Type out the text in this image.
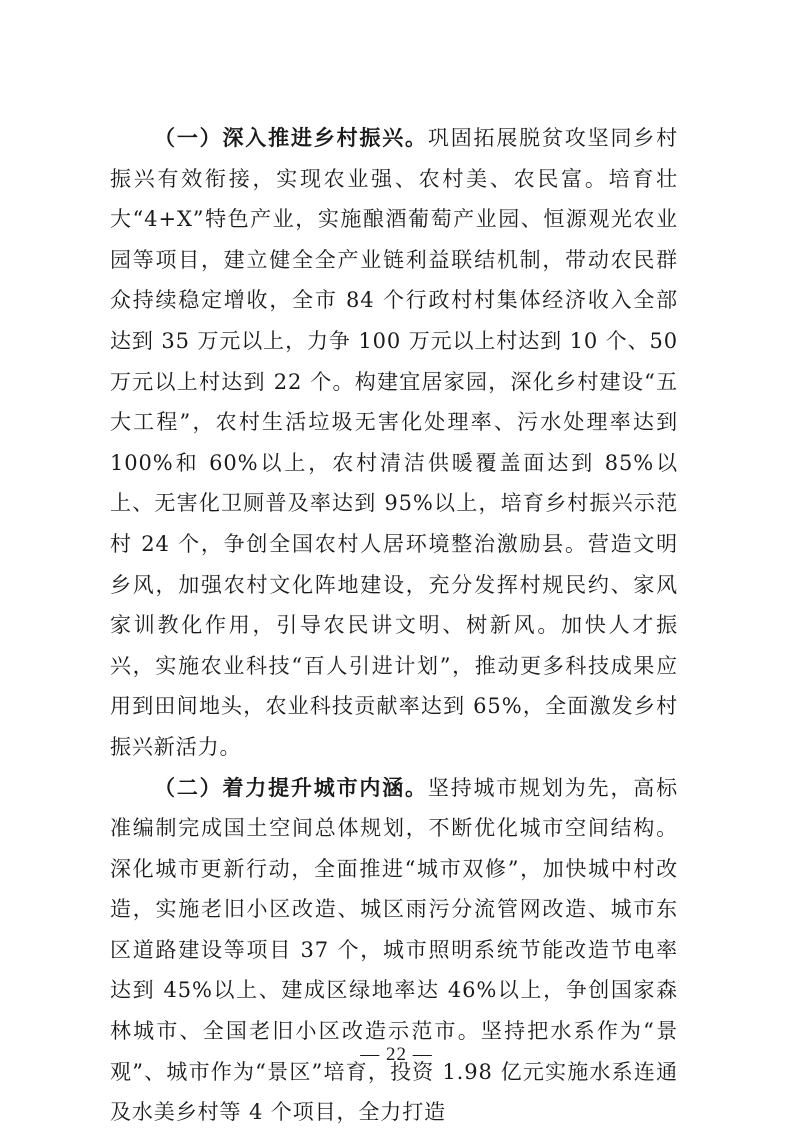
（一）深入推进乡村振兴。巩固拓展脱贫攻坚同乡村振兴有效衔接，实现农业强、农村美、农民富。培育壮大“4+X”特色产业，实施酿酒葡萄产业园、恒源观光农业园等项目，建立健全全产业链利益联结机制，带动农民群众持续稳定增收，全市 84 个行政村村集体经济收入全部达到 35 万元以上，力争 100 万元以上村达到 10 个、50 万元以上村达到 22 个。构建宜居家园，深化乡村建设“五大工程”，农村生活垃圾无害化处理率、污水处理率达到 100%和 60%以上，农村清洁供暖覆盖面达到 85%以上、无害化卫厕普及率达到 95%以上，培育乡村振兴示范村 24 个，争创全国农村人居环境整治激励县。营造文明乡风，加强农村文化阵地建设，充分发挥村规民约、家风家训教化作用，引导农民讲文明、树新风。加快人才振兴，实施农业科技“百人引进计划”，推动更多科技成果应用到田间地头，农业科技贡献率达到 65%，全面激发乡村振兴新活力。

（二）着力提升城市内涵。坚持城市规划为先，高标准编制完成国土空间总体规划，不断优化城市空间结构。深化城市更新行动，全面推进“城市双修”，加快城中村改造，实施老旧小区改造、城区雨污分流管网改造、城市东区道路建设等项目 37 个，城市照明系统节能改造节电率达到 45%以上、建成区绿地率达 46%以上，争创国家森林城市、全国老旧小区改造示范市。坚持把水系作为“景观”、城市作为“景区”培育，投资 1.98 亿元实施水系连通及水美乡村等 4 个项目，全力打造

— 22 —
